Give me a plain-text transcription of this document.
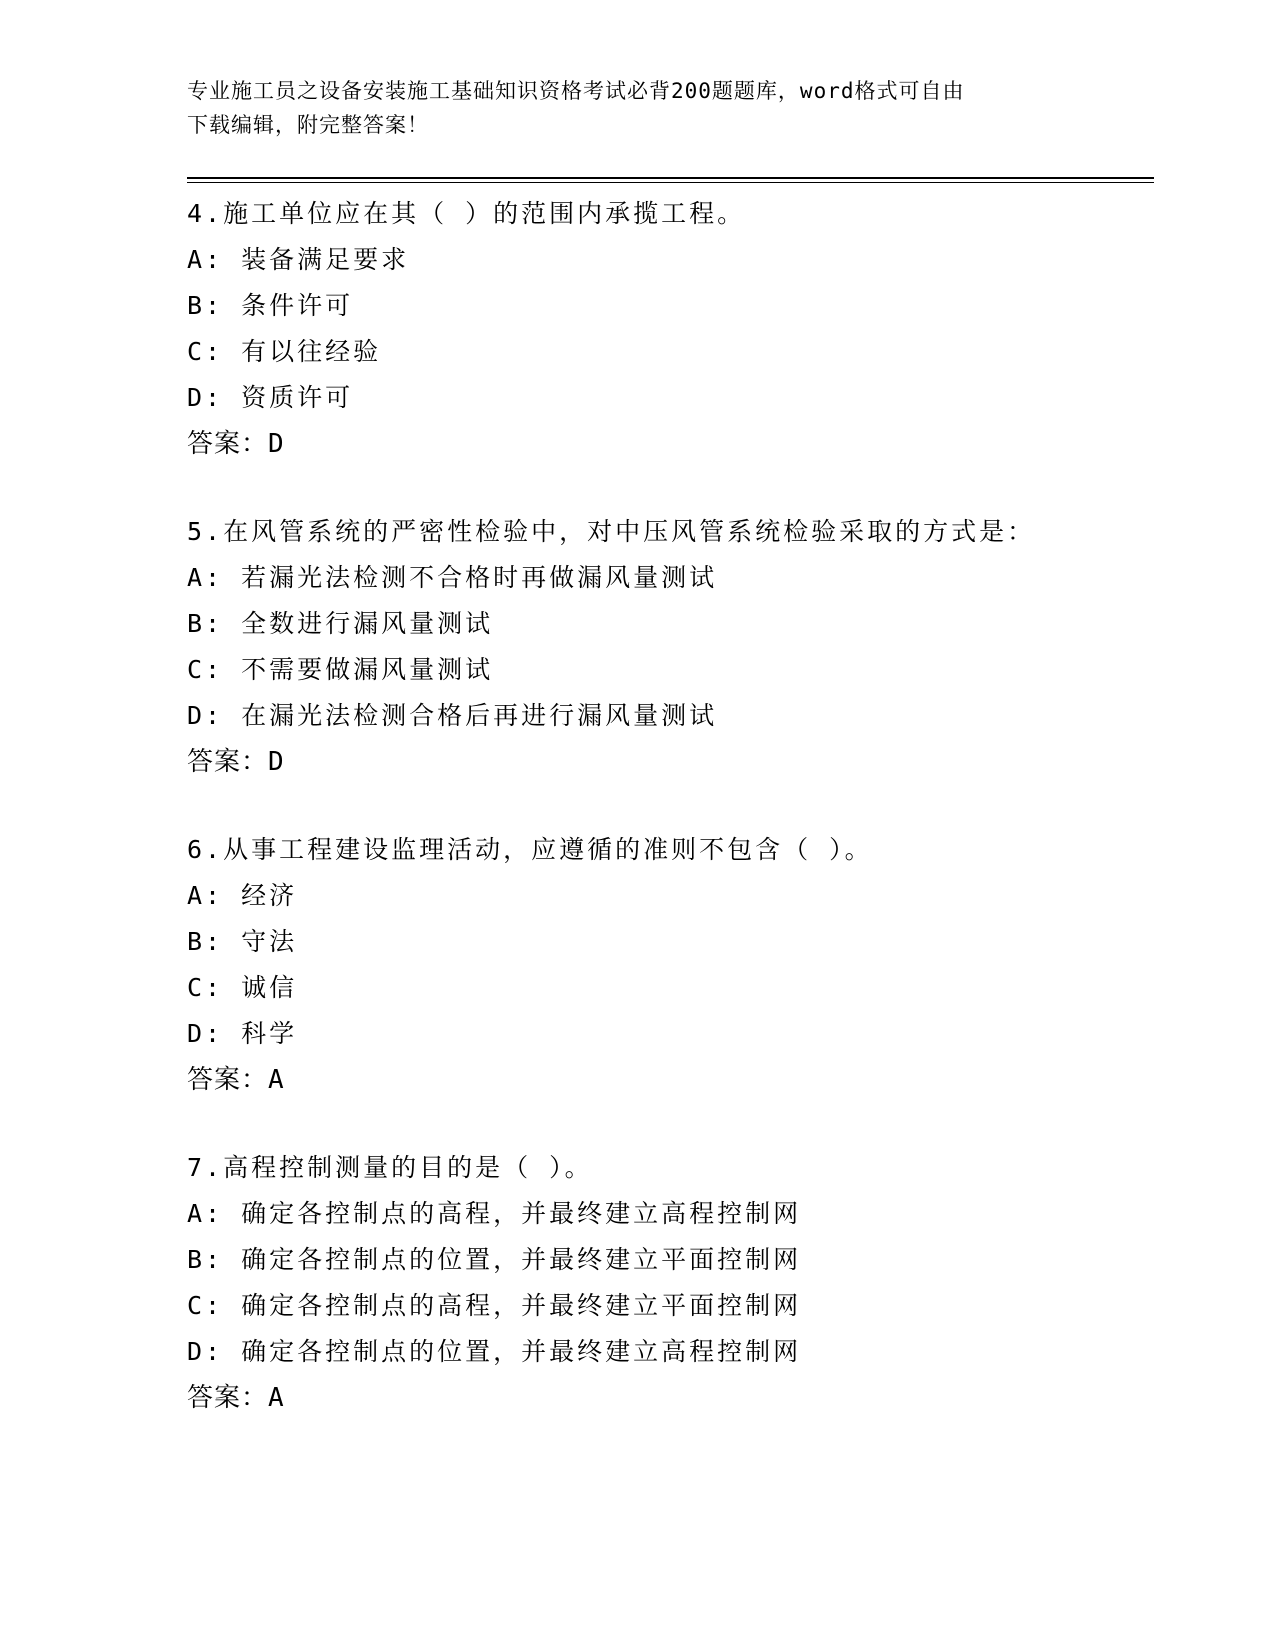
专业施工员之设备安装施工基础知识资格考试必背200题题库，word格式可自由
下载编辑，附完整答案！
4.施工单位应在其（ ）的范围内承揽工程。
A: 装备满足要求
B: 条件许可
C: 有以往经验
D: 资质许可
答案：D
5.在风管系统的严密性检验中，对中压风管系统检验采取的方式是：
A: 若漏光法检测不合格时再做漏风量测试
B: 全数进行漏风量测试
C: 不需要做漏风量测试
D: 在漏光法检测合格后再进行漏风量测试
答案：D
6.从事工程建设监理活动，应遵循的准则不包含（ ）。
A: 经济
B: 守法
C: 诚信
D: 科学
答案：A
7.高程控制测量的目的是（ ）。
A: 确定各控制点的高程，并最终建立高程控制网
B: 确定各控制点的位置，并最终建立平面控制网
C: 确定各控制点的高程，并最终建立平面控制网
D: 确定各控制点的位置，并最终建立高程控制网
答案：A
